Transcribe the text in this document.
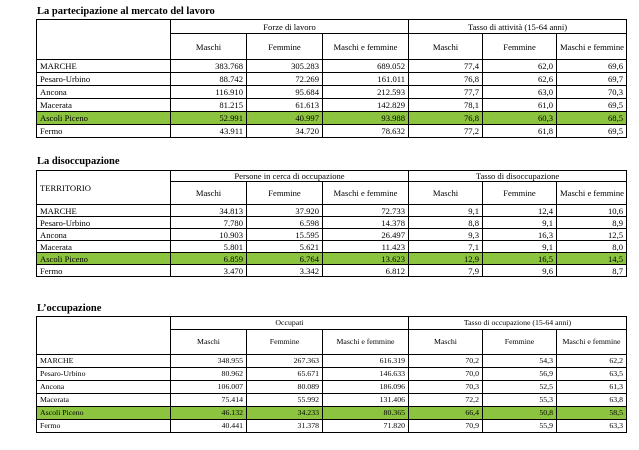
La partecipazione al mercato del lavoro
	Forze di lavoro			Tasso di attività (15-64 anni)		
	Maschi	Femmine	Maschi e femmine	Maschi	Femmine	Maschi e femmine
MARCHE	383.768	305.283	689.052	77,4	62,0	69,6
Pesaro-Urbino	88.742	72.269	161.011	76,8	62,6	69,7
Ancona	116.910	95.684	212.593	77,7	63,0	70,3
Macerata	81.215	61.613	142.829	78,1	61,0	69,5
Ascoli Piceno	52.991	40.997	93.988	76,8	60,3	68,5
Fermo	43.911	34.720	78.632	77,2	61,8	69,5
La disoccupazione
TERRITORIO	Persone in cerca di occupazione			Tasso di disoccupazione		
	Maschi	Femmine	Maschi e femmine	Maschi	Femmine	Maschi e femmine
MARCHE	34.813	37.920	72.733	9,1	12,4	10,6
Pesaro-Urbino	7.780	6.598	14.378	8,8	9,1	8,9
Ancona	10.903	15.595	26.497	9,3	16,3	12,5
Macerata	5.801	5.621	11.423	7,1	9,1	8,0
Ascoli Piceno	6.859	6.764	13.623	12,9	16,5	14,5
Fermo	3.470	3.342	6.812	7,9	9,6	8,7
L’occupazione
	Occupati			Tasso di occupazione (15-64 anni)		
	Maschi	Femmine	Maschi e femmine	Maschi	Femmine	Maschi e femmine
MARCHE	348.955	267.363	616.319	70,2	54,3	62,2
Pesaro-Urbino	80.962	65.671	146.633	70,0	56,9	63,5
Ancona	106.007	80.089	186.096	70,3	52,5	61,3
Macerata	75.414	55.992	131.406	72,2	55,3	63,8
Ascoli Piceno	46.132	34.233	80.365	66,4	50,8	58,5
Fermo	40.441	31.378	71.820	70,9	55,9	63,3
